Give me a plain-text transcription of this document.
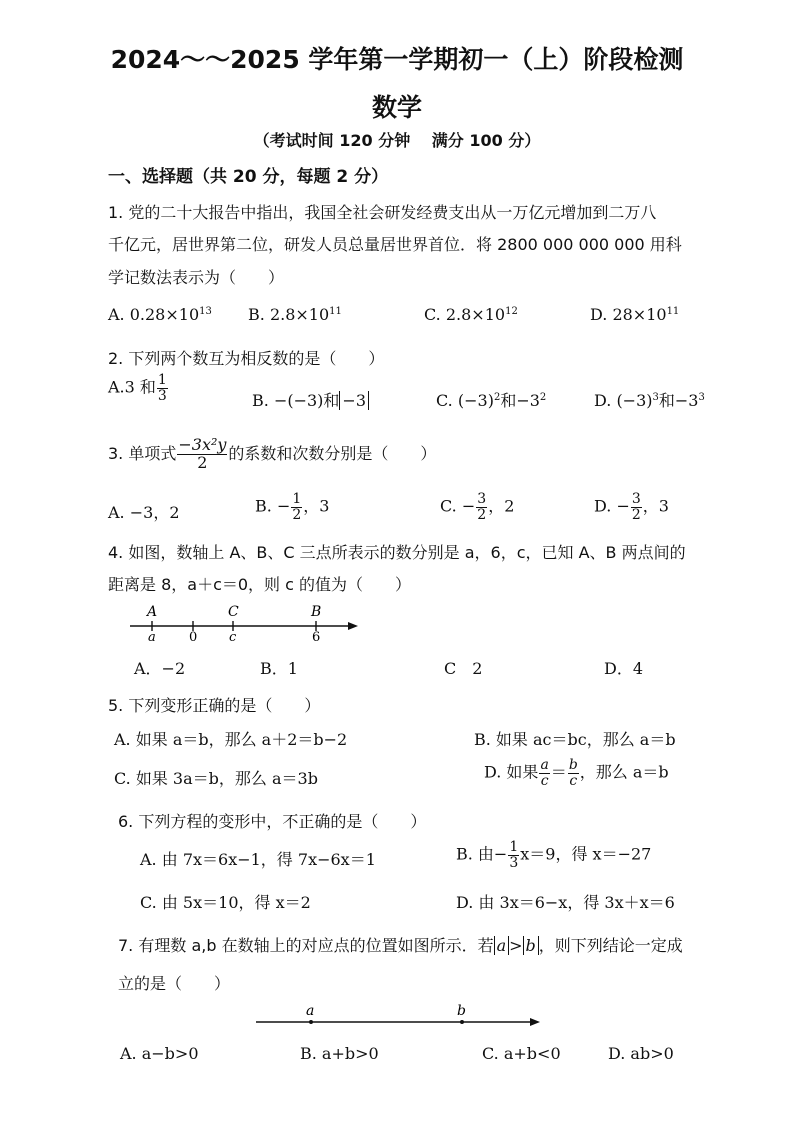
2024～～2025 学年第一学期初一（上）阶段检测
数学
（考试时间 120 分钟　 满分 100 分）
一、选择题（共 20 分，每题 2 分）
1. 党的二十大报告中指出，我国全社会研发经费支出从一万亿元增加到二万八
千亿元，居世界第二位，研发人员总量居世界首位．将 2800 000 000 000 用科
学记数法表示为（　　）
A. $0.28\times 10^{13}$ B. $2.8\times 10^{11}$	C. $2.8\times 10^{12}$	D. $28\times 10^{11}$
2. 下列两个数互为相反数的是（　　）
A.3 和 $\frac{1}{3}$	B. −(−3)和 −3	C. $(-3)^2$和$-3^2$	D. $(-3)^3$和$-3^3$
3. 单项式 $\frac{\text{−3x²y}}{2}$ 的系数和次数分别是（　　）
A. −3，2	B. − $\frac{1}{2}$ ，3	C. − $\frac{3}{2}$ ，2	D. − $\frac{3}{2}$ ，3
4. 如图，数轴上 A、B、C 三点所表示的数分别是 a，6，c，已知 A、B 两点间的
距离是 8，a＋c＝0，则 c 的值为（　　）
A
a	0
C
c
B
6
A．−2	B．1	C　2	D．4
5. 下列变形正确的是（　　）
A. 如果 a＝b，那么 a＋2＝b−2	B. 如果 ac＝bc，那么 a＝b
C. 如果 3a＝b，那么 a＝3b	D. 如果 $\frac{a}{c} = \frac{b}{c}$ ，那么 a＝b
6. 下列方程的变形中，不正确的是（　　）
A. 由 7x＝6x−1，得 7x−6x＝1	B. 由− $\frac{1}{3} x=9$，得 x＝−27
C. 由 5x＝10，得 x＝2	D. 由 3x＝6−x，得 3x＋x＝6
7. 有理数 a,b 在数轴上的对应点的位置如图所示．若 a > b ，则下列结论一定成
立的是（　　）
a	b
A. a−b>0	B. a+b>0	C. a+b<0	D. ab>0
